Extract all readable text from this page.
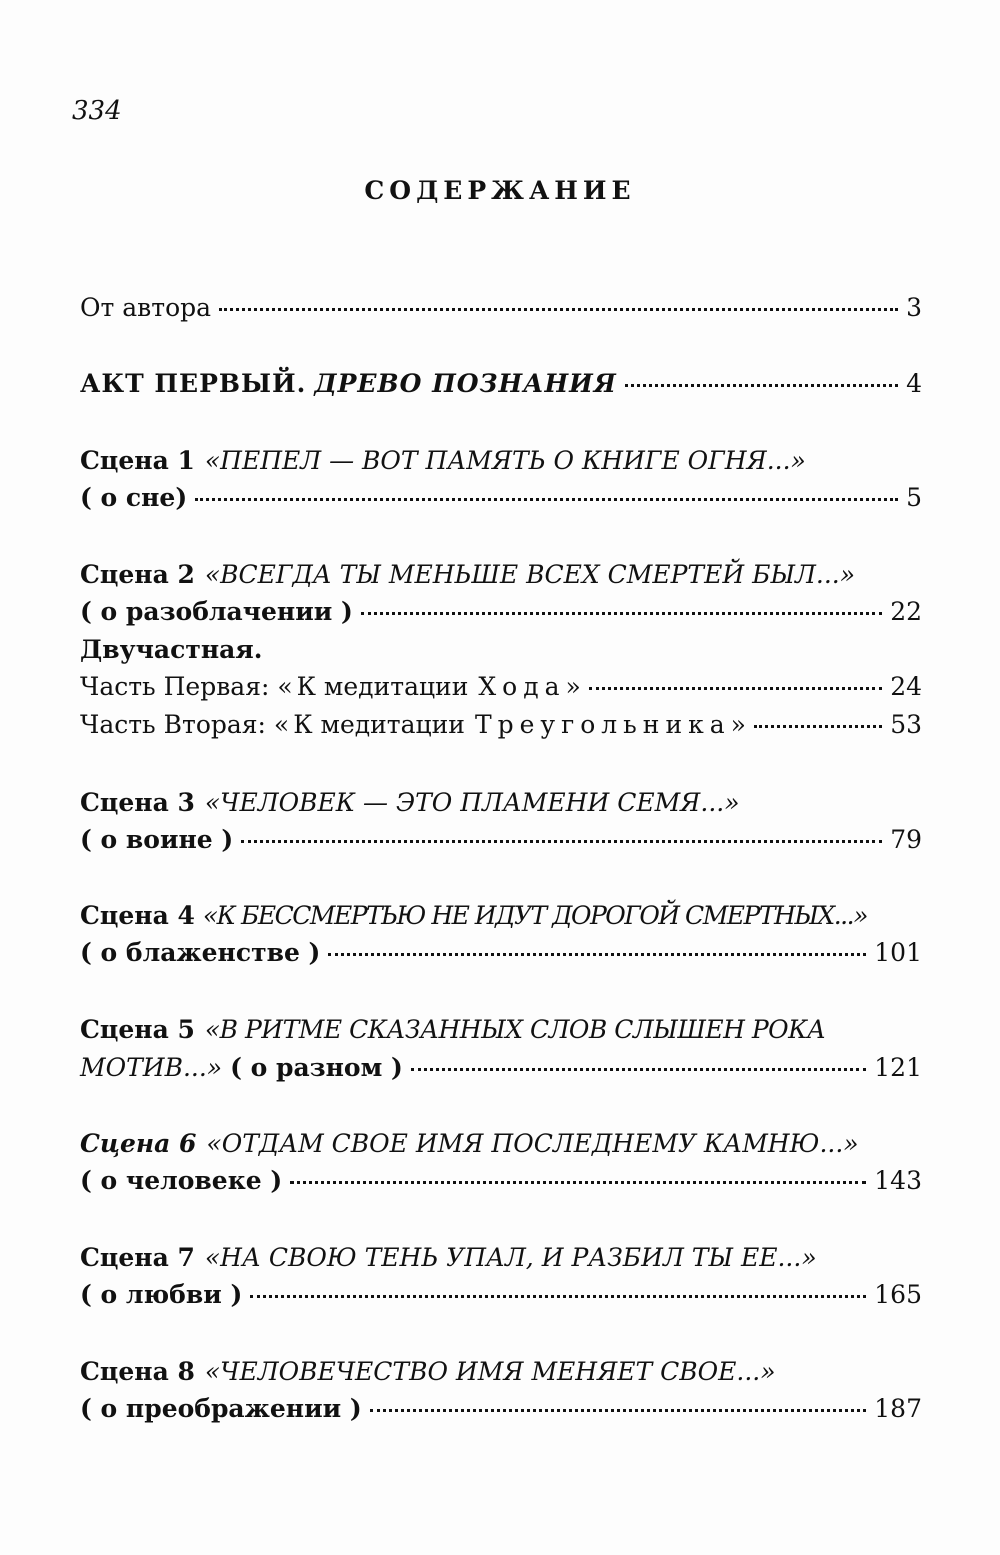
334
СОДЕРЖАНИЕ
От автора	3
АКТ ПЕРВЫЙ. ДРЕВО ПОЗНАНИЯ	4
Сцена 1 «ПЕПЕЛ — ВОТ ПАМЯТЬ О КНИГЕ ОГНЯ...»
( о сне)	5
Сцена 2 «ВСЕГДА ТЫ МЕНЬШЕ ВСЕХ СМЕРТЕЙ БЫЛ...»
( о разоблачении )	22
Двучастная.
Часть Первая: « К медитации Хода »	24
Часть Вторая: « К медитации Треугольника »	53
Сцена 3 «ЧЕЛОВЕК — ЭТО ПЛАМЕНИ СЕМЯ...»
( о воине )	79
Сцена 4 «К БЕССМЕРТЬЮ НЕ ИДУТ ДОРОГОЙ СМЕРТНЫХ...»
( о блаженстве )	101
Сцена 5 «В РИТМЕ СКАЗАННЫХ СЛОВ СЛЫШЕН РОКА
МОТИВ...» ( о разном )	121
Сцена 6 «ОТДАМ СВОЕ ИМЯ ПОСЛЕДНЕМУ КАМНЮ...»
( о человеке )	143
Сцена 7 «НА СВОЮ ТЕНЬ УПАЛ, И РАЗБИЛ ТЫ ЕЕ...»
( о любви )	165
Сцена 8 «ЧЕЛОВЕЧЕСТВО ИМЯ МЕНЯЕТ СВОЕ...»
( о преображении )	187
